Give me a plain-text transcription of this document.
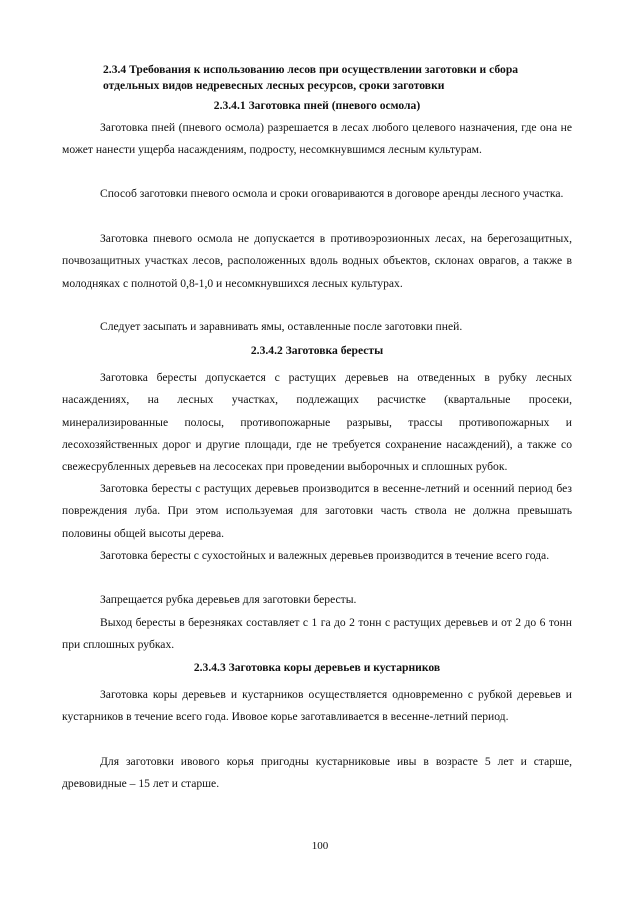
2.3.4 Требования к использованию лесов при осуществлении заготовки и сбора отдельных видов недревесных лесных ресурсов, сроки заготовки

2.3.4.1 Заготовка пней (пневого осмола)

Заготовка пней (пневого осмола) разрешается в лесах любого целевого назначения, где она не может нанести ущерба насаждениям, подросту, несомкнувшимся лесным культурам.

Способ заготовки пневого осмола и сроки оговариваются в договоре аренды лесного участка.

Заготовка пневого осмола не допускается в противоэрозионных лесах, на берегозащитных, почвозащитных участках лесов, расположенных вдоль водных объектов, склонах оврагов, а также в молодняках с полнотой 0,8-1,0 и несомкнувшихся лесных культурах.

Следует засыпать и заравнивать ямы, оставленные после заготовки пней.

2.3.4.2 Заготовка бересты

Заготовка бересты допускается с растущих деревьев на отведенных в рубку лесных насаждениях, на лесных участках, подлежащих расчистке (квартальные просеки, минерализированные полосы, противопожарные разрывы, трассы противопожарных и лесохозяйственных дорог и другие площади, где не требуется сохранение насаждений), а также со свежесрубленных деревьев на лесосеках при проведении выборочных и сплошных рубок.

Заготовка бересты с растущих деревьев производится в весенне-летний и осенний период без повреждения луба. При этом используемая для заготовки часть ствола не должна превышать половины общей высоты дерева.

Заготовка бересты с сухостойных и валежных деревьев производится в течение всего года.

Запрещается рубка деревьев для заготовки бересты.

Выход бересты в березняках составляет с 1 га до 2 тонн с растущих деревьев и от 2 до 6 тонн при сплошных рубках.

2.3.4.3 Заготовка коры деревьев и кустарников

Заготовка коры деревьев и кустарников осуществляется одновременно с рубкой деревьев и кустарников в течение всего года. Ивовое корье заготавливается в весенне-летний период.

Для заготовки ивового корья пригодны кустарниковые ивы в возрасте 5 лет и старше, древовидные – 15 лет и старше.

100
